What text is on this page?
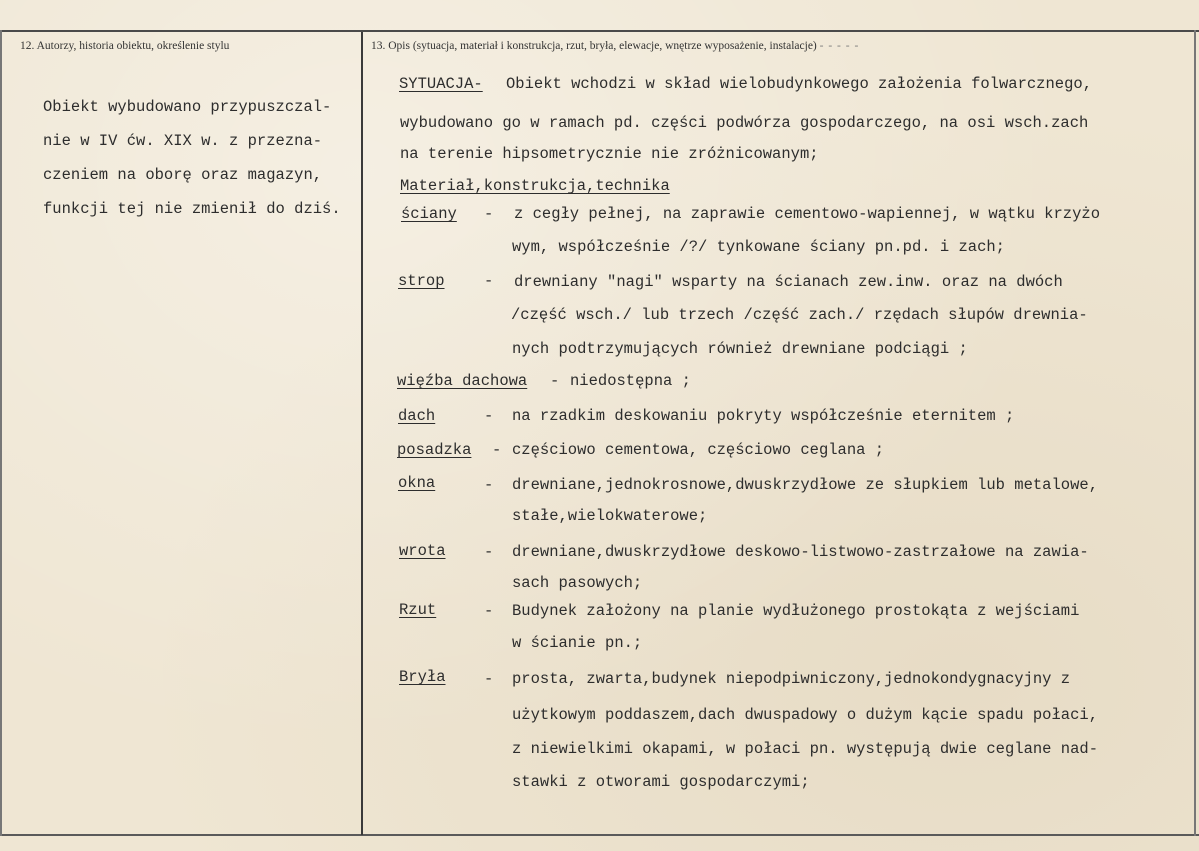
12. Autorzy, historia obiektu, określenie stylu	13. Opis (sytuacja, materiał i konstrukcja, rzut, bryła, elewacje, wnętrze wyposażenie, instalacje) - - - - -
Obiekt wybudowano przypuszczal-
nie w IV ćw. XIX w. z przezna-
czeniem na oborę oraz magazyn,
funkcji tej nie zmienił do dziś.
SYTUACJA- Obiekt wchodzi w skład wielobudynkowego założenia folwarcznego,
wybudowano go w ramach pd. części podwórza gospodarczego, na osi wsch.zach
na terenie hipsometrycznie nie zróżnicowanym;
Materiał,konstrukcja,technika
ściany - z cegły pełnej, na zaprawie cementowo-wapiennej, w wątku krzyżo
wym, współcześnie /?/ tynkowane ściany pn.pd. i zach;
strop	- drewniany "nagi" wsparty na ścianach zew.inw. oraz na dwóch
/część wsch./ lub trzech /część zach./ rzędach słupów drewnia-
nych podtrzymujących również drewniane podciągi ;
więźba dachowa - niedostępna ;
dach	- na rzadkim deskowaniu pokryty współcześnie eternitem ;
posadzka - częściowo cementowa, częściowo ceglana ;
okna	- drewniane,jednokrosnowe,dwuskrzydłowe ze słupkiem lub metalowe,
stałe,wielokwaterowe;
wrota - drewniane,dwuskrzydłowe deskowo-listwowo-zastrzałowe na zawia-
sach pasowych;
Rzut	- Budynek założony na planie wydłużonego prostokąta z wejściami
w ścianie pn.;
Bryła - prosta, zwarta,budynek niepodpiwniczony,jednokondygnacyjny z
użytkowym poddaszem,dach dwuspadowy o dużym kącie spadu połaci,
z niewielkimi okapami, w połaci pn. występują dwie ceglane nad-
stawki z otworami gospodarczymi;
